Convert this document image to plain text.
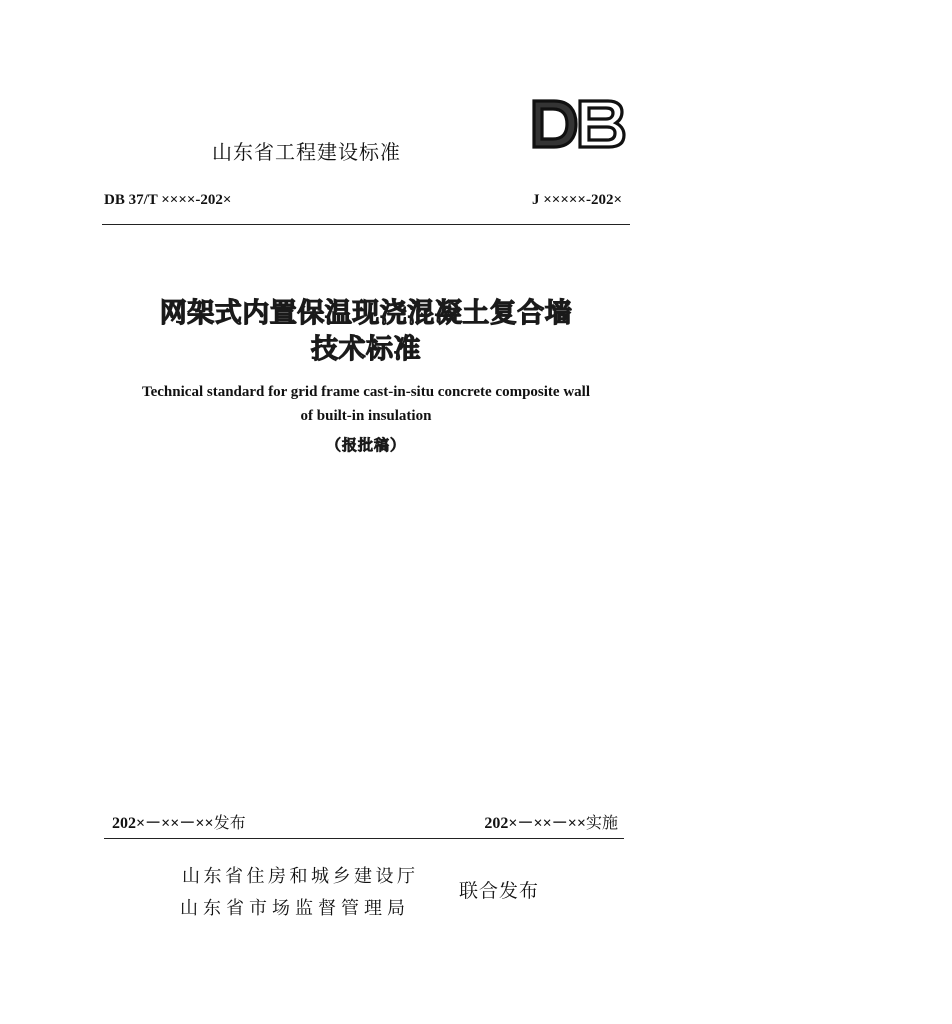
山东省工程建设标准
DB 37/T ××××-202×	J ×××××-202×
网架式内置保温现浇混凝土复合墙
技术标准
Technical standard for grid frame cast-in-situ concrete composite wall
of built-in insulation
（报批稿）
202×－××－××发布	202×－××－××实施
山东省住房和城乡建设厅
山东省市场监督管理局
联合发布
